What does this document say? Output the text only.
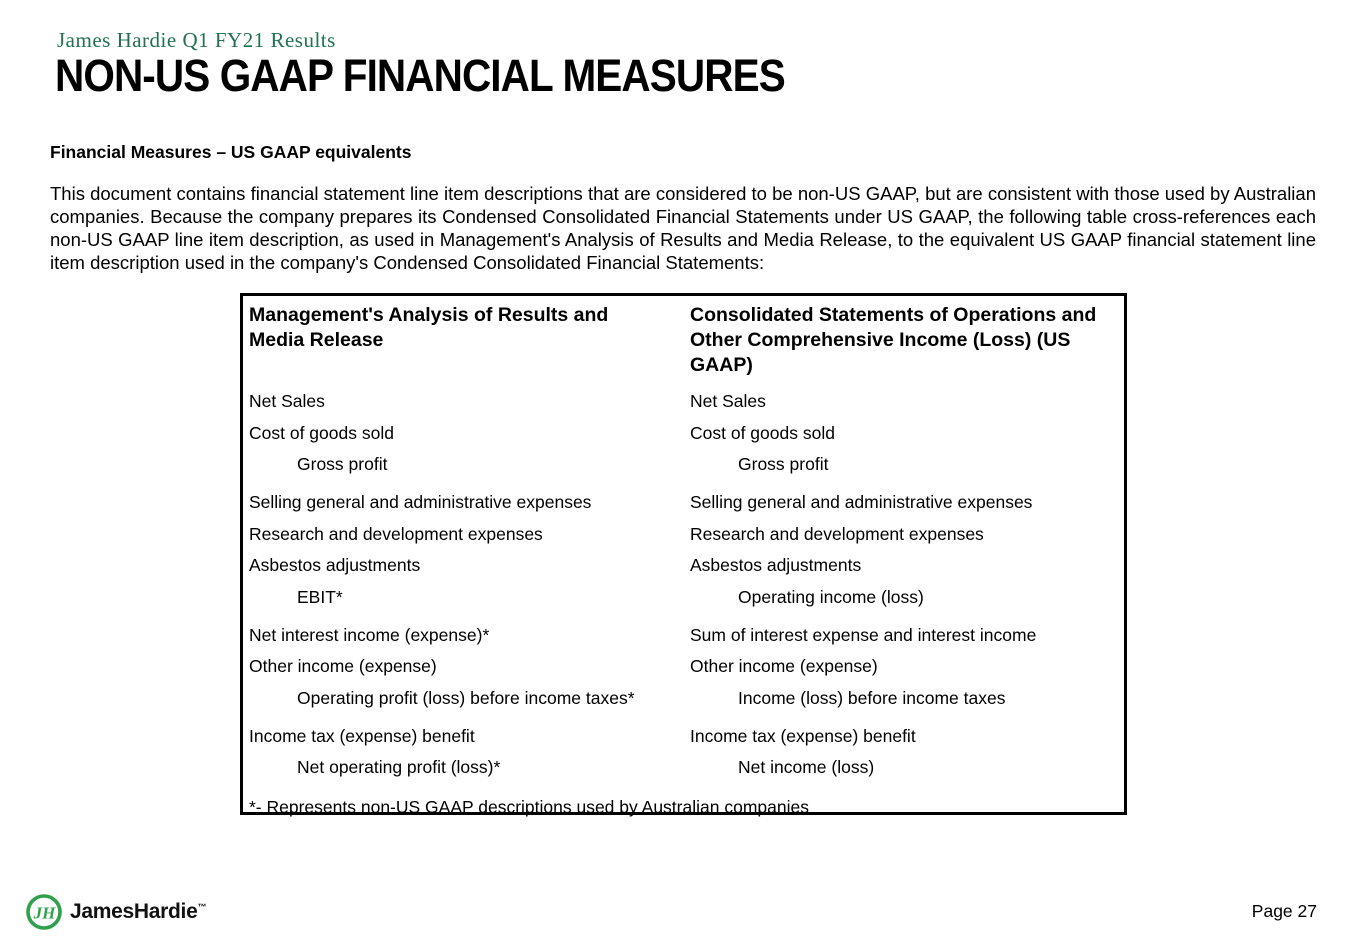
James Hardie Q1 FY21 Results
NON-US GAAP FINANCIAL MEASURES
Financial Measures – US GAAP equivalents
This document contains financial statement line item descriptions that are considered to be non-US GAAP, but are consistent with those used by Australian companies. Because the company prepares its Condensed Consolidated Financial Statements under US GAAP, the following table cross-references each non-US GAAP line item description, as used in Management's Analysis of Results and Media Release, to the equivalent US GAAP financial statement line item description used in the company's Condensed Consolidated Financial Statements:
Management's Analysis of Results and Media Release
Consolidated Statements of Operations and Other Comprehensive Income (Loss) (US GAAP)
Net Sales	Net Sales
Cost of goods sold	Cost of goods sold
Gross profit	Gross profit
Selling general and administrative expenses	Selling general and administrative expenses
Research and development expenses	Research and development expenses
Asbestos adjustments	Asbestos adjustments
EBIT*	Operating income (loss)
Net interest income (expense)*	Sum of interest expense and interest income
Other income (expense)	Other income (expense)
Operating profit (loss) before income taxes*	Income (loss) before income taxes
Income tax (expense) benefit	Income tax (expense) benefit
Net operating profit (loss)*	Net income (loss)
*- Represents non-US GAAP descriptions used by Australian companies
JH JamesHardie™	Page 27
